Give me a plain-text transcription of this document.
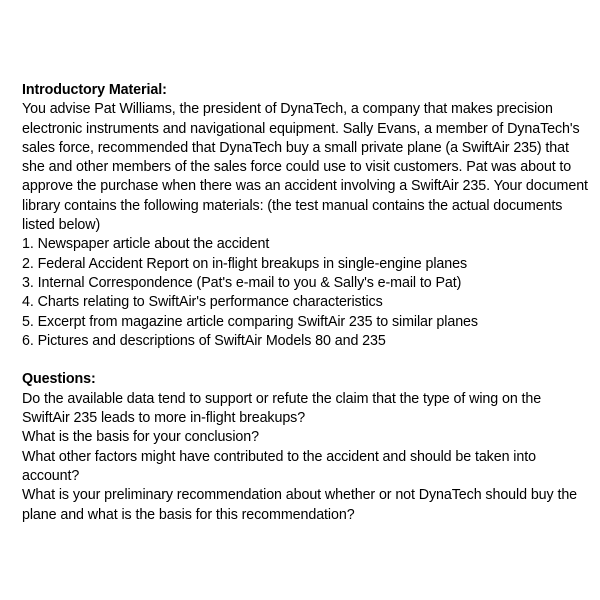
Introductory Material:

You advise Pat Williams, the president of DynaTech, a company that makes precision electronic instruments and navigational equipment. Sally Evans, a member of DynaTech's sales force, recommended that DynaTech buy a small private plane (a SwiftAir 235) that she and other members of the sales force could use to visit customers. Pat was about to approve the purchase when there was an accident involving a SwiftAir 235. Your document library contains the following materials: (the test manual contains the actual documents listed below)

1. Newspaper article about the accident
2. Federal Accident Report on in-flight breakups in single-engine planes
3. Internal Correspondence (Pat's e-mail to you & Sally's e-mail to Pat)
4. Charts relating to SwiftAir's performance characteristics
5. Excerpt from magazine article comparing SwiftAir 235 to similar planes
6. Pictures and descriptions of SwiftAir Models 80 and 235
Questions:
Do the available data tend to support or refute the claim that the type of wing on the SwiftAir 235 leads to more in-flight breakups?
What is the basis for your conclusion?
What other factors might have contributed to the accident and should be taken into account?
What is your preliminary recommendation about whether or not DynaTech should buy the plane and what is the basis for this recommendation?
